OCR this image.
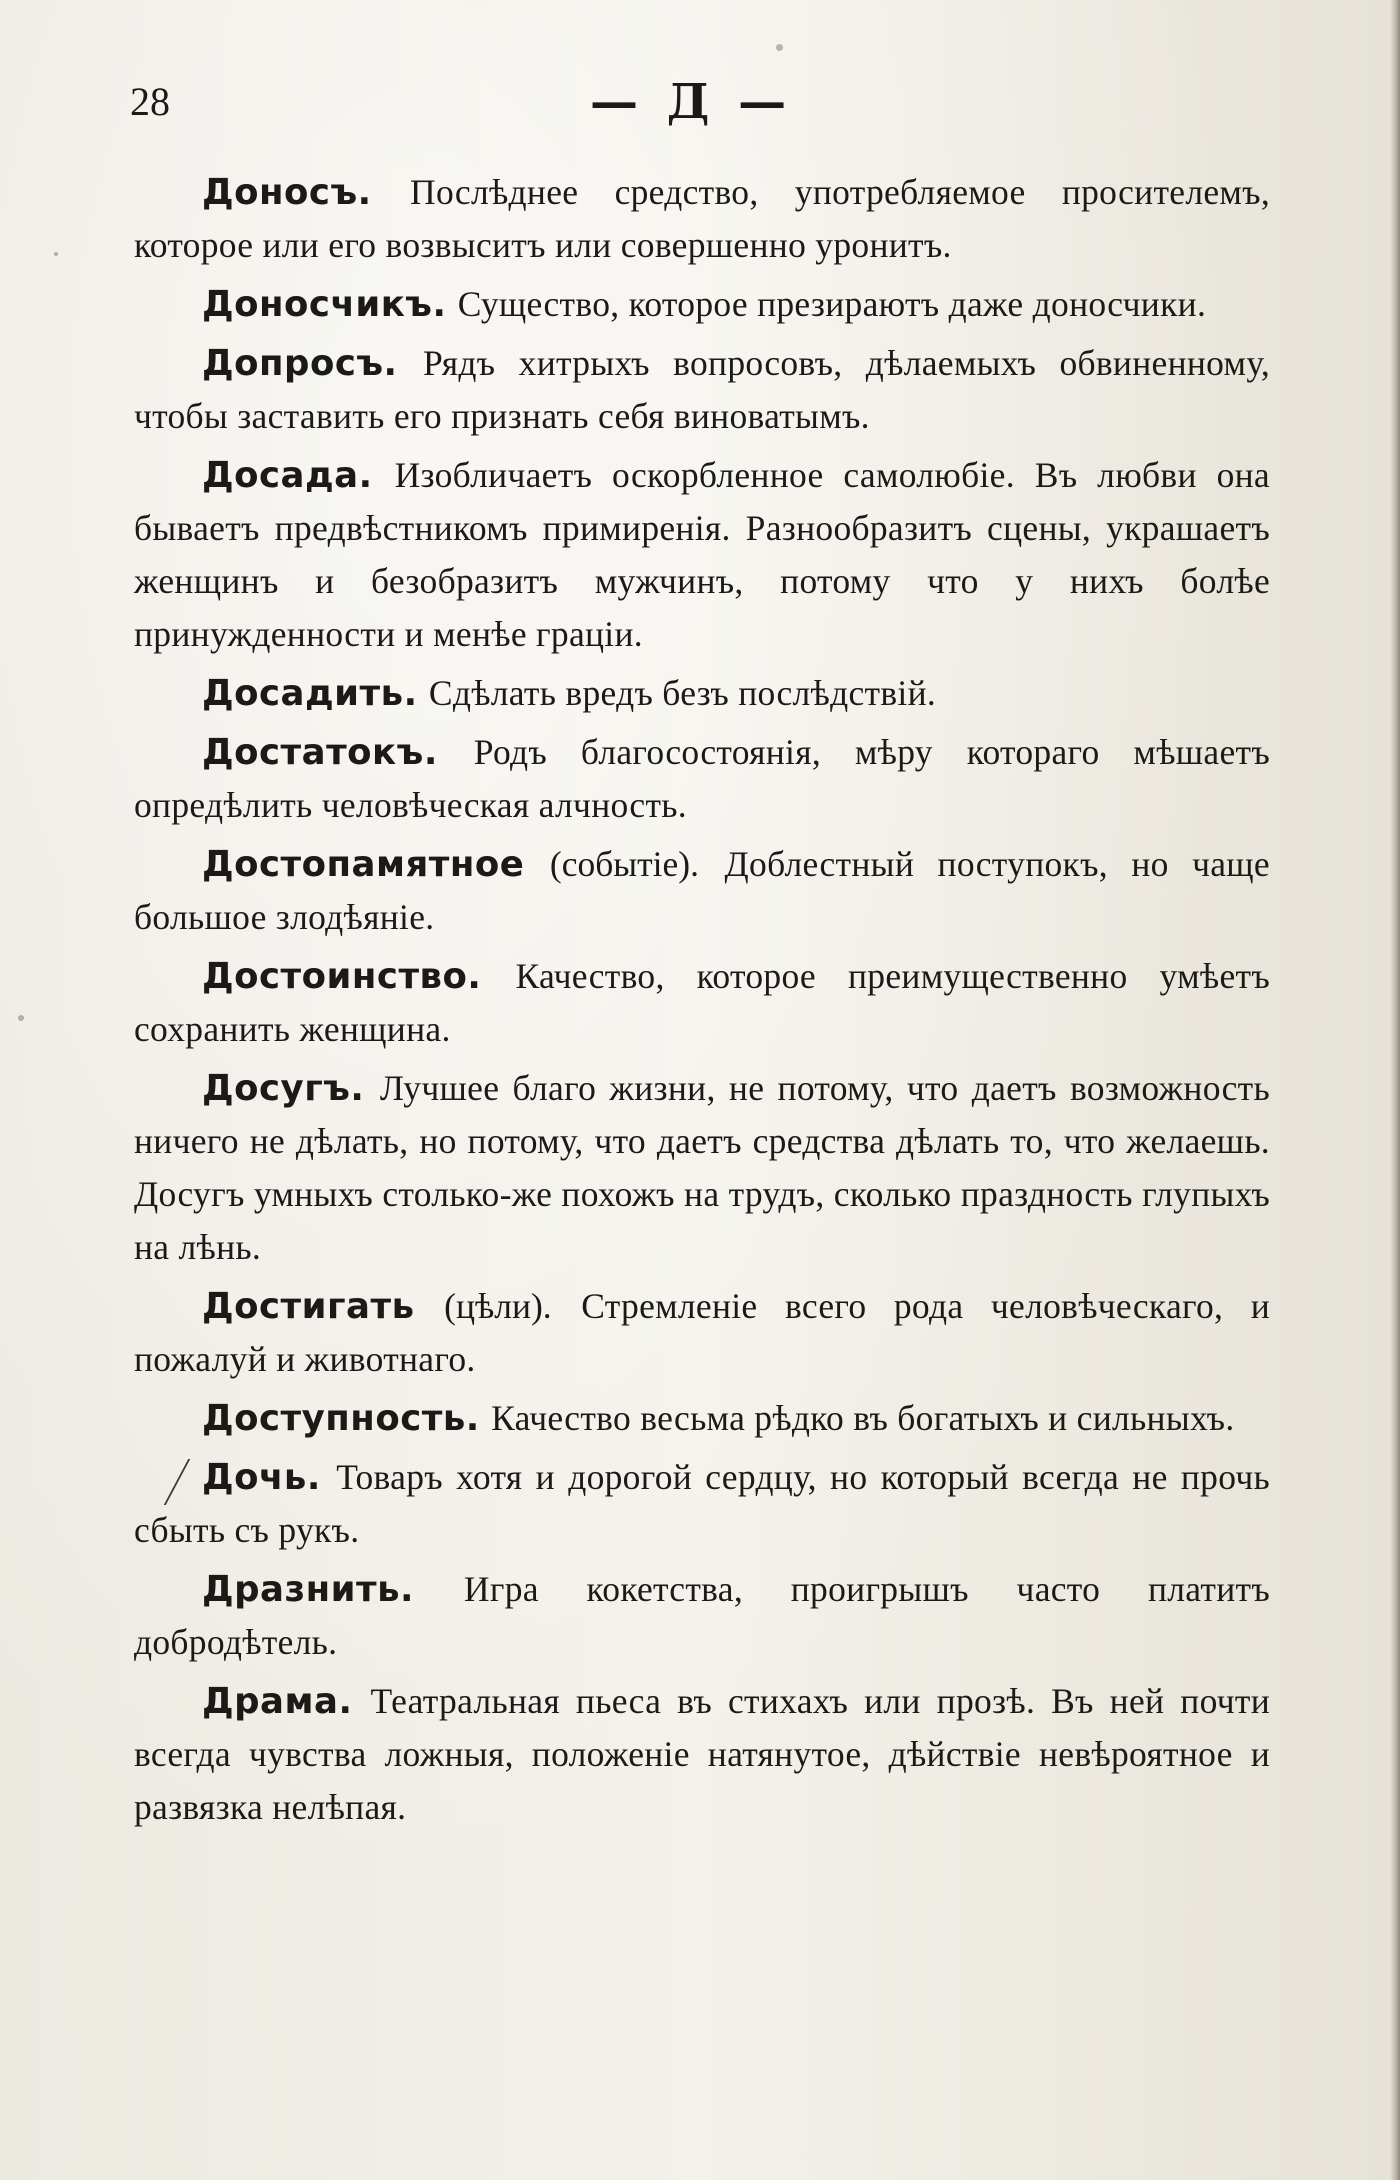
28	— Д —

Доносъ. Послѣднее средство, употребляемое просителемъ, которое или его возвыситъ или совершенно уронитъ.

Доносчикъ. Существо, которое презираютъ даже доносчики.

Допросъ. Рядъ хитрыхъ вопросовъ, дѣлаемыхъ обвиненному, чтобы заставить его признать себя виноватымъ.

Досада. Изобличаетъ оскорбленное самолюбіе. Въ любви она бываетъ предвѣстникомъ примиренія. Разнообразитъ сцены, украшаетъ женщинъ и безобразитъ мужчинъ, потому что у нихъ болѣе принужденности и менѣе граціи.

Досадить. Сдѣлать вредъ безъ послѣдствій.

Достатокъ. Родъ благосостоянія, мѣру котораго мѣшаетъ опредѣлить человѣческая алчность.

Достопамятное (событіе). Доблестный поступокъ, но чаще большое злодѣяніе.

Достоинство. Качество, которое преимущественно умѣетъ сохранить женщина.

Досугъ. Лучшее благо жизни, не потому, что даетъ возможность ничего не дѣлать, но потому, что даетъ средства дѣлать то, что желаешь. Досугъ умныхъ столько-же похожъ на трудъ, сколько праздность глупыхъ на лѣнь.

Достигать (цѣли). Стремленіе всего рода человѣческаго, и пожалуй и животнаго.

Доступность. Качество весьма рѣдко въ богатыхъ и сильныхъ.

Дочь. Товаръ хотя и дорогой сердцу, но который всегда не прочь сбыть съ рукъ.

Дразнить. Игра кокетства, проигрышъ часто платитъ добродѣтель.

Драма. Театральная пьеса въ стихахъ или прозѣ. Въ ней почти всегда чувства ложныя, положеніе натянутое, дѣйствіе невѣроятное и развязка нелѣпая.
